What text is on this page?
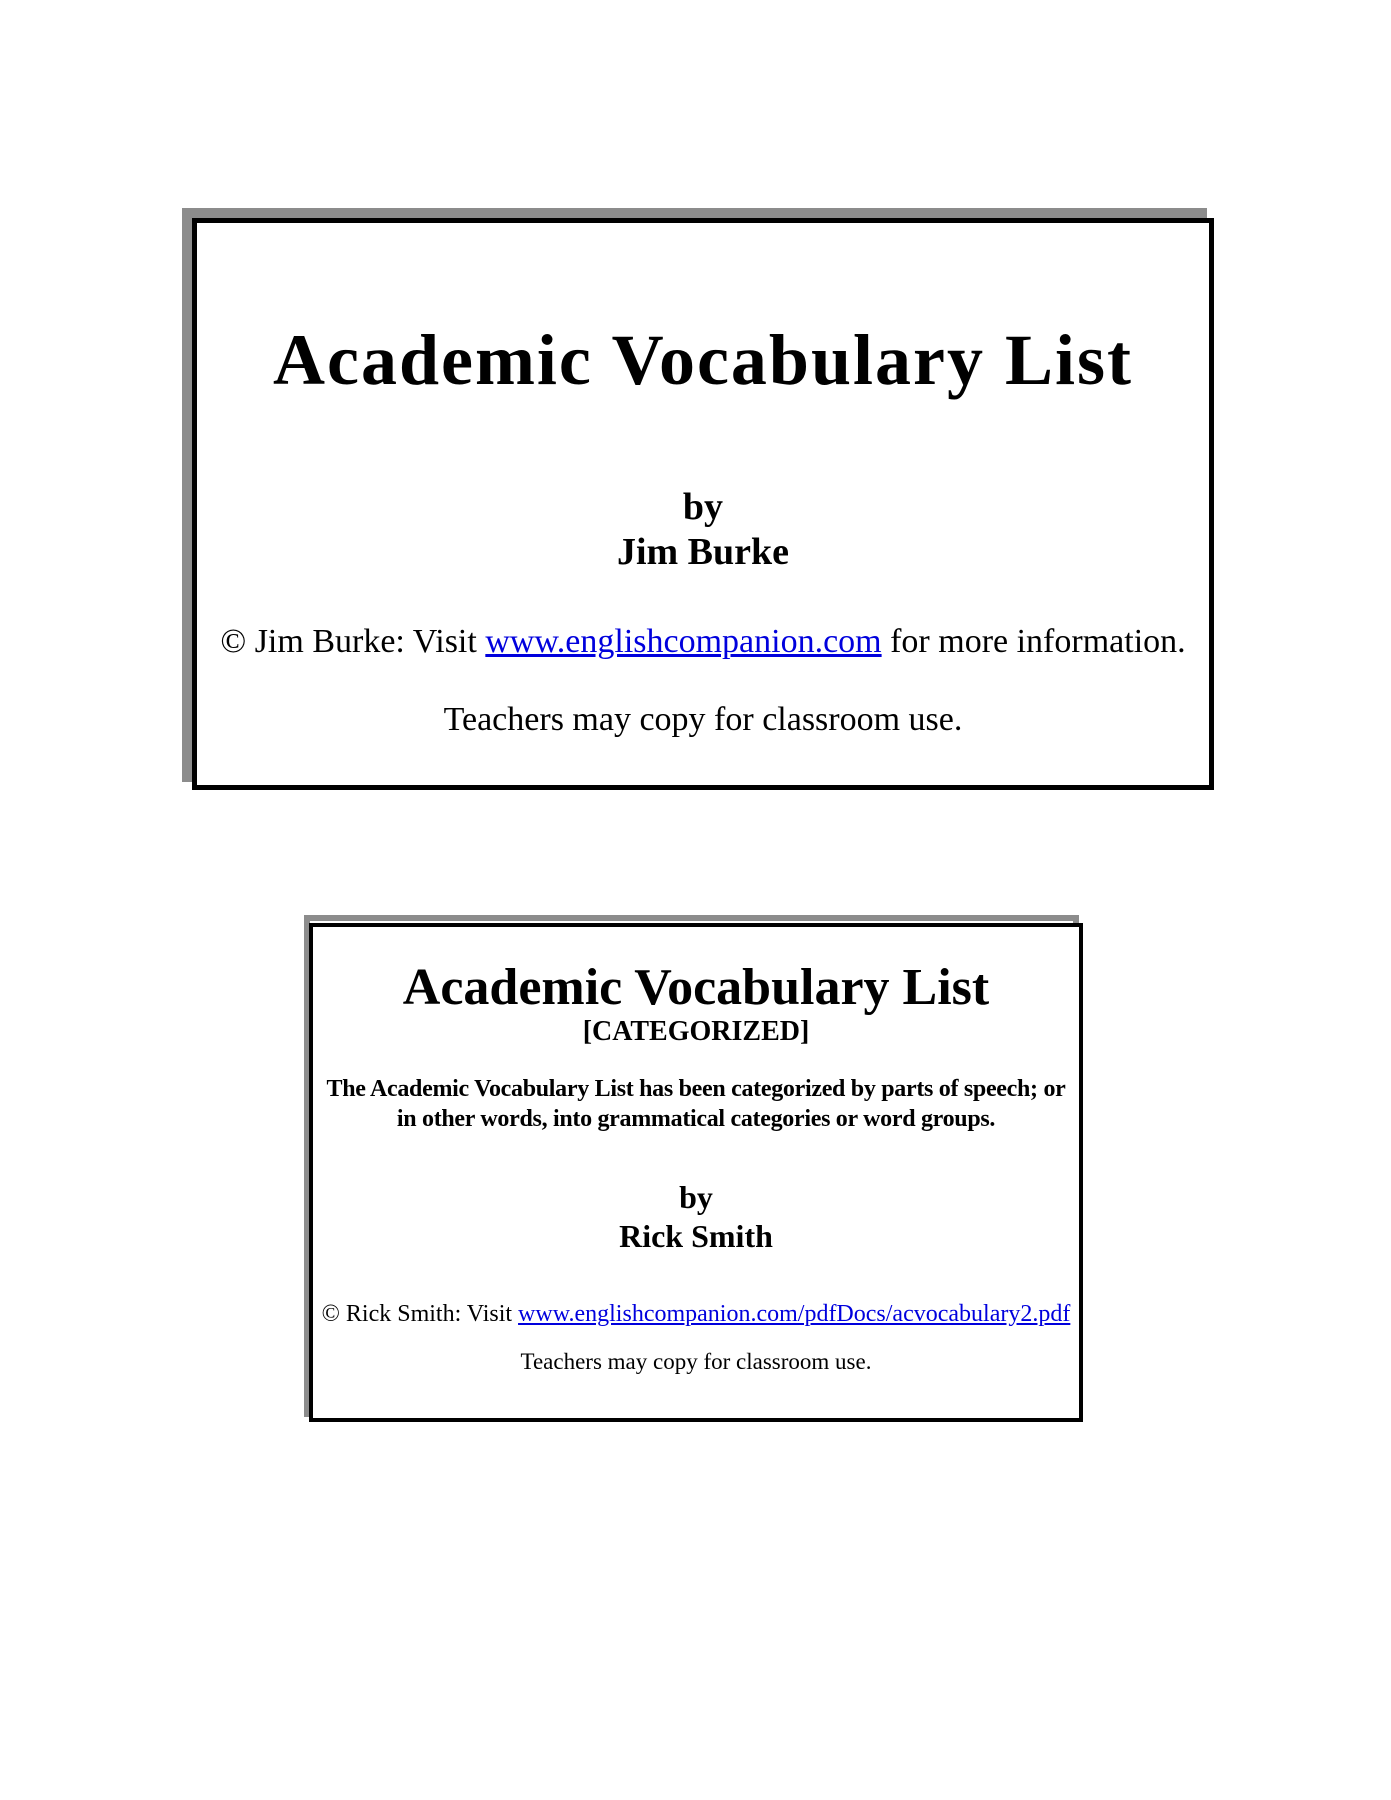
Academic Vocabulary List
by
Jim Burke
© Jim Burke: Visit www.englishcompanion.com for more information.
Teachers may copy for classroom use.
Academic Vocabulary List
[CATEGORIZED]
The Academic Vocabulary List has been categorized by parts of speech; or
in other words, into grammatical categories or word groups.
by
Rick Smith
© Rick Smith: Visit www.englishcompanion.com/pdfDocs/acvocabulary2.pdf
Teachers may copy for classroom use.
